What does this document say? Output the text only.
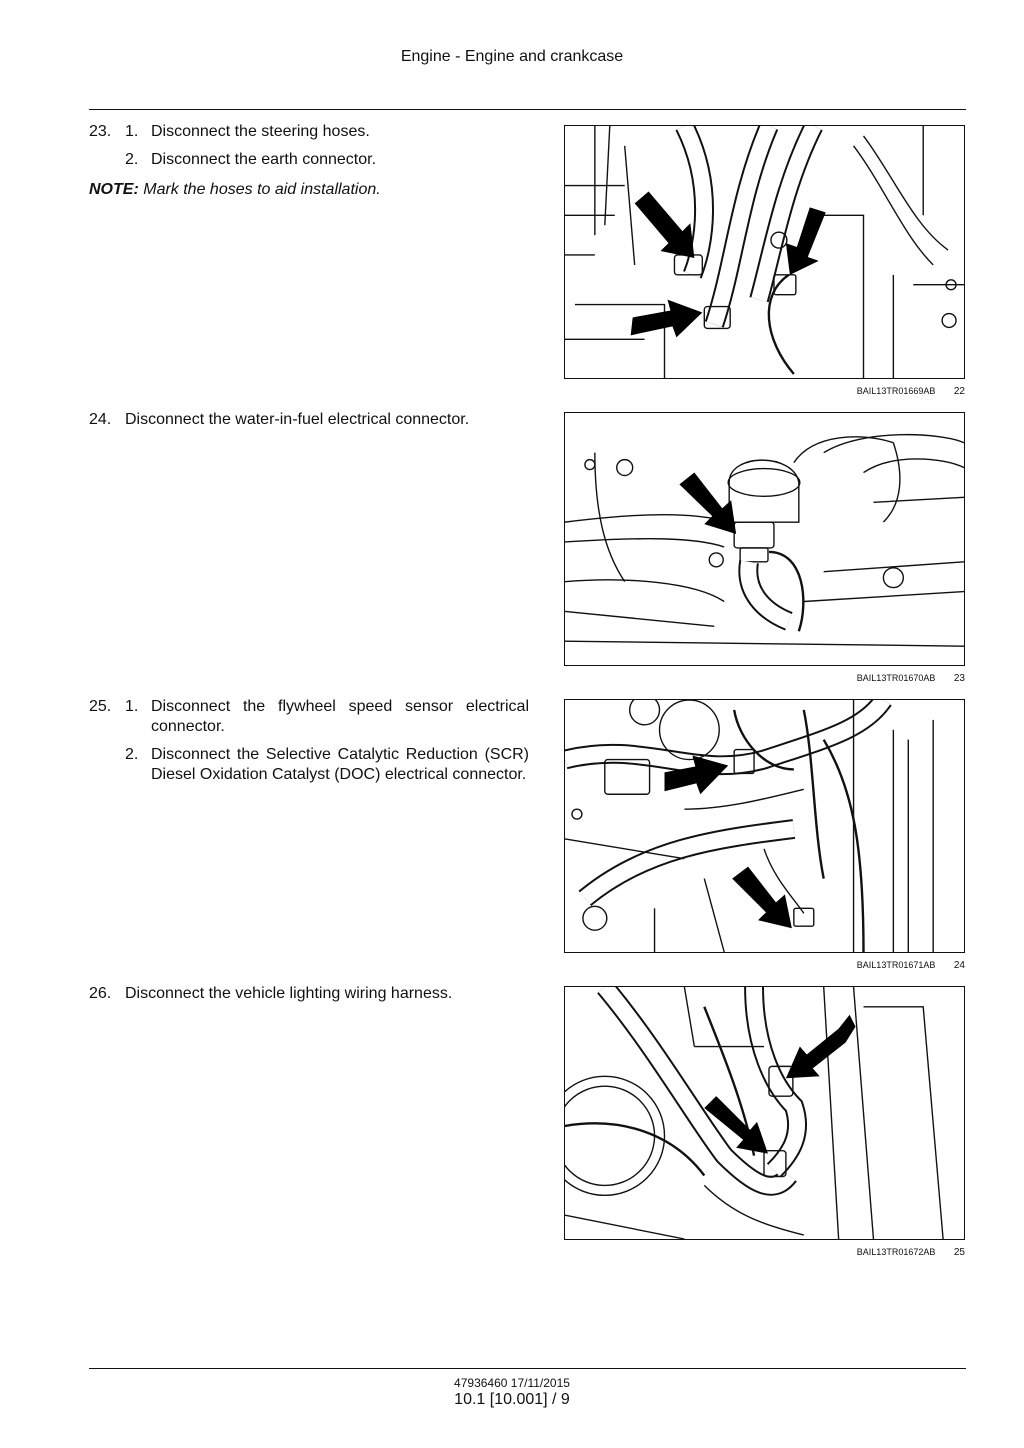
Engine - Engine and crankcase
23. 1. Disconnect the steering hoses.
2. Disconnect the earth connector.
NOTE: Mark the hoses to aid installation.
BAIL13TR01669AB 22
24. Disconnect the water-in-fuel electrical connector.
BAIL13TR01670AB 23
25. 1. Disconnect the flywheel speed sensor electrical connector.
2. Disconnect the Selective Catalytic Reduction (SCR) Diesel Oxidation Catalyst (DOC) electrical connector.
BAIL13TR01671AB 24
26. Disconnect the vehicle lighting wiring harness.
BAIL13TR01672AB 25
47936460 17/11/2015
10.1 [10.001] / 9
